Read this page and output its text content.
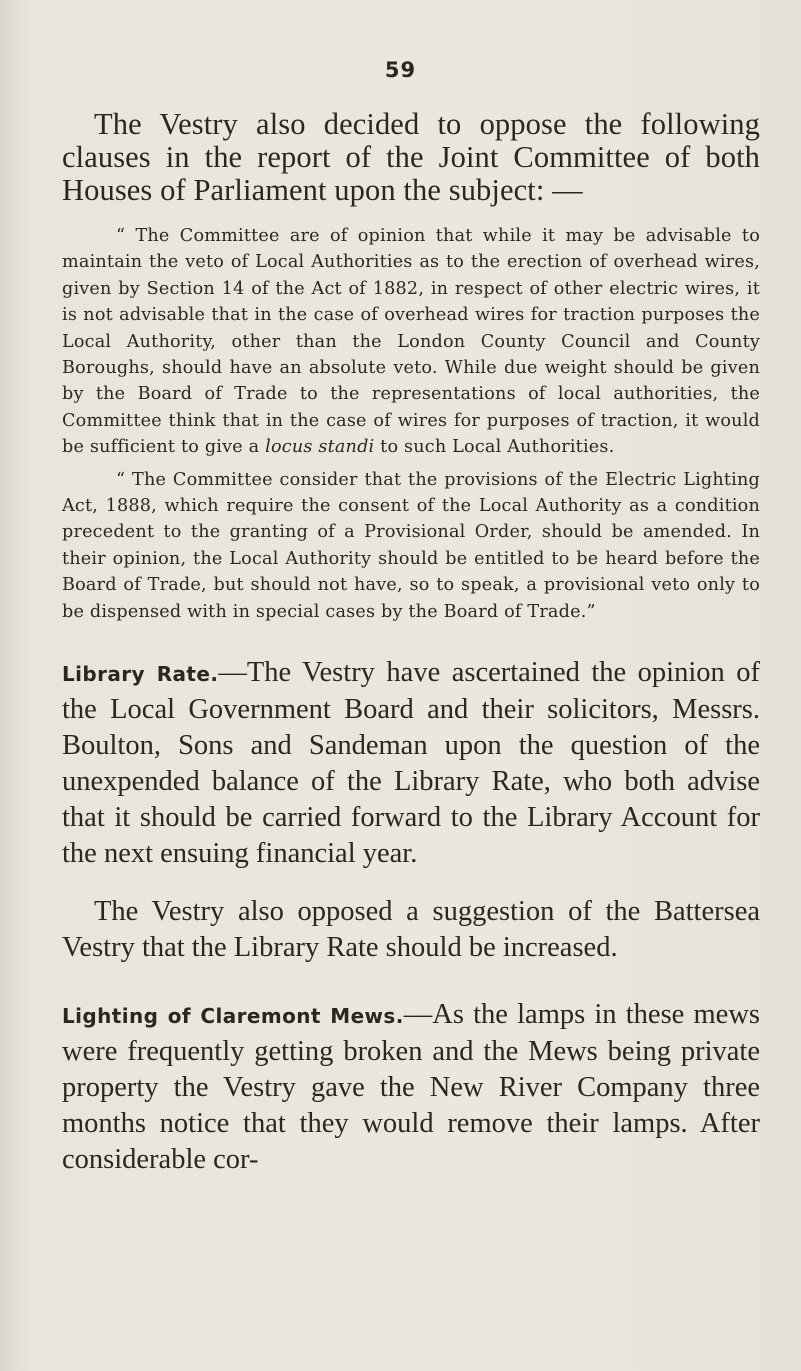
59

The Vestry also decided to oppose the following clauses in the report of the Joint Committee of both Houses of Parliament upon the subject: —

“ The Committee are of opinion that while it may be advisable to maintain the veto of Local Authorities as to the erection of overhead wires, given by Section 14 of the Act of 1882, in respect of other electric wires, it is not advisable that in the case of overhead wires for traction purposes the Local Authority, other than the London County Council and County Boroughs, should have an absolute veto. While due weight should be given by the Board of Trade to the representations of local authorities, the Committee think that in the case of wires for purposes of traction, it would be sufficient to give a locus standi to such Local Authorities.

“ The Committee consider that the provisions of the Electric Lighting Act, 1888, which require the consent of the Local Authority as a condition precedent to the granting of a Provisional Order, should be amended. In their opinion, the Local Authority should be entitled to be heard before the Board of Trade, but should not have, so to speak, a provisional veto only to be dispensed with in special cases by the Board of Trade.”

Library Rate.—The Vestry have ascertained the opinion of the Local Government Board and their solicitors, Messrs. Boulton, Sons and Sandeman upon the question of the unexpended balance of the Library Rate, who both advise that it should be carried forward to the Library Account for the next ensuing financial year.

The Vestry also opposed a suggestion of the Battersea Vestry that the Library Rate should be increased.

Lighting of Claremont Mews.—As the lamps in these mews were frequently getting broken and the Mews being private property the Vestry gave the New River Company three months notice that they would remove their lamps. After considerable cor-
